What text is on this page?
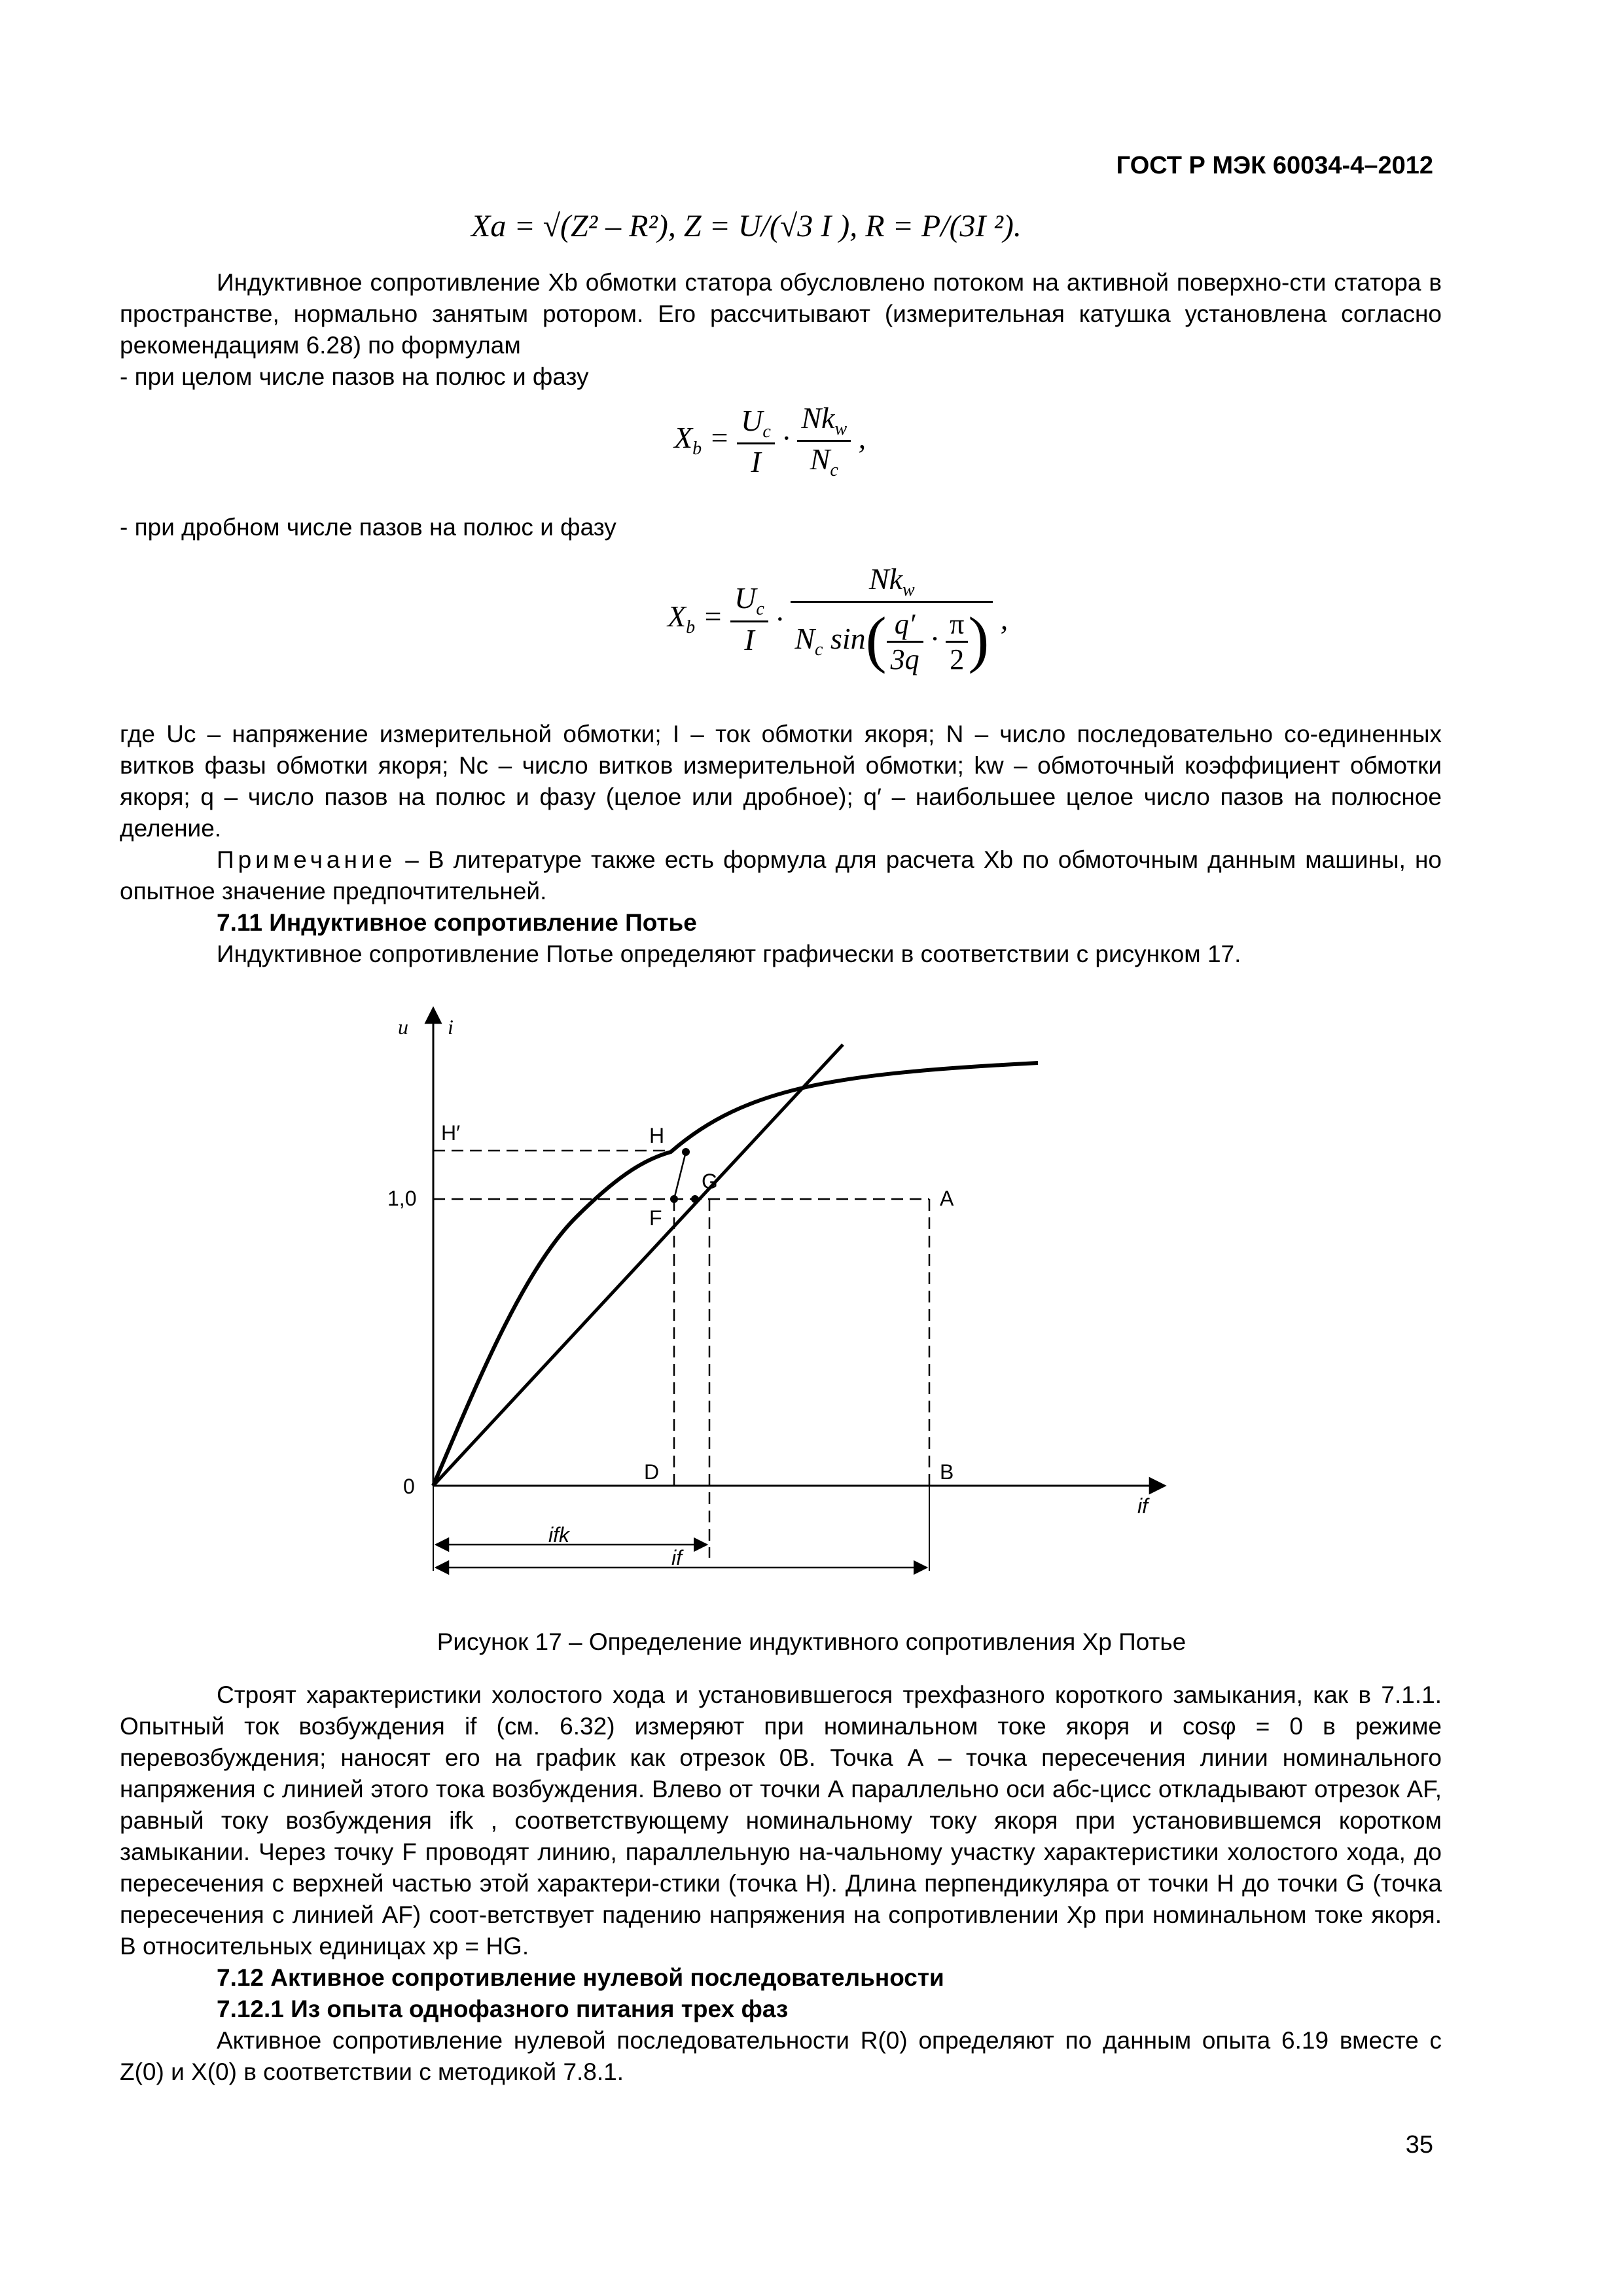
ГОСТ Р МЭК 60034-4–2012
Xa = √(Z² – R²), Z = U/(√3 I ), R = P/(3I ²).

Индуктивное сопротивление Xb обмотки статора обусловлено потоком на активной поверхно-сти статора в пространстве, нормально занятым ротором. Его рассчитывают (измерительная катушка установлена согласно рекомендациям 6.28) по формулам

- при целом числе пазов на полюс и фазу

$X_b = \frac{U_c}{I} \cdot \frac{Nk_w}{N_c}$ ,

- при дробном числе пазов на полюс и фазу

$X_b = \frac{U_c}{I} \cdot \frac{Nk_w}{N_c \sin( \frac{q'}{3q} \cdot \frac{\pi}{2} )}$ ,

где Uc – напряжение измерительной обмотки; I – ток обмотки якоря; N – число последовательно со-единенных витков фазы обмотки якоря; Nc – число витков измерительной обмотки; kw – обмоточный коэффициент обмотки якоря; q – число пазов на полюс и фазу (целое или дробное); q′ – наибольшее целое число пазов на полюсное деление.

Примечание – В литературе также есть формула для расчета Xb по обмоточным данным машины, но опытное значение предпочтительней.

7.11 Индуктивное сопротивление Потье

Индуктивное сопротивление Потье определяют графически в соответствии с рисунком 17.

u i
if
H′	H
G
F
A
D	B
1,0
0
ifk
if
Рисунок 17 – Определение индуктивного сопротивления Xp Потье

Строят характеристики холостого хода и установившегося трехфазного короткого замыкания, как в 7.1.1. Опытный ток возбуждения if (см. 6.32) измеряют при номинальном токе якоря и cosφ = 0 в режиме перевозбуждения; наносят его на график как отрезок 0B. Точка А – точка пересечения линии номинального напряжения с линией этого тока возбуждения. Влево от точки А параллельно оси абс-цисс откладывают отрезок АF, равный току возбуждения ifk , соответствующему номинальному току якоря при установившемся коротком замыкании. Через точку F проводят линию, параллельную на-чальному участку характеристики холостого хода, до пересечения с верхней частью этой характери-стики (точка Н). Длина перпендикуляра от точки Н до точки G (точка пересечения с линией АF) соот-ветствует падению напряжения на сопротивлении Xp при номинальном токе якоря. В относительных единицах xp = HG.

7.12 Активное сопротивление нулевой последовательности

7.12.1 Из опыта однофазного питания трех фаз

Активное сопротивление нулевой последовательности R(0) определяют по данным опыта 6.19 вместе с Z(0) и X(0) в соответствии с методикой 7.8.1.

35
